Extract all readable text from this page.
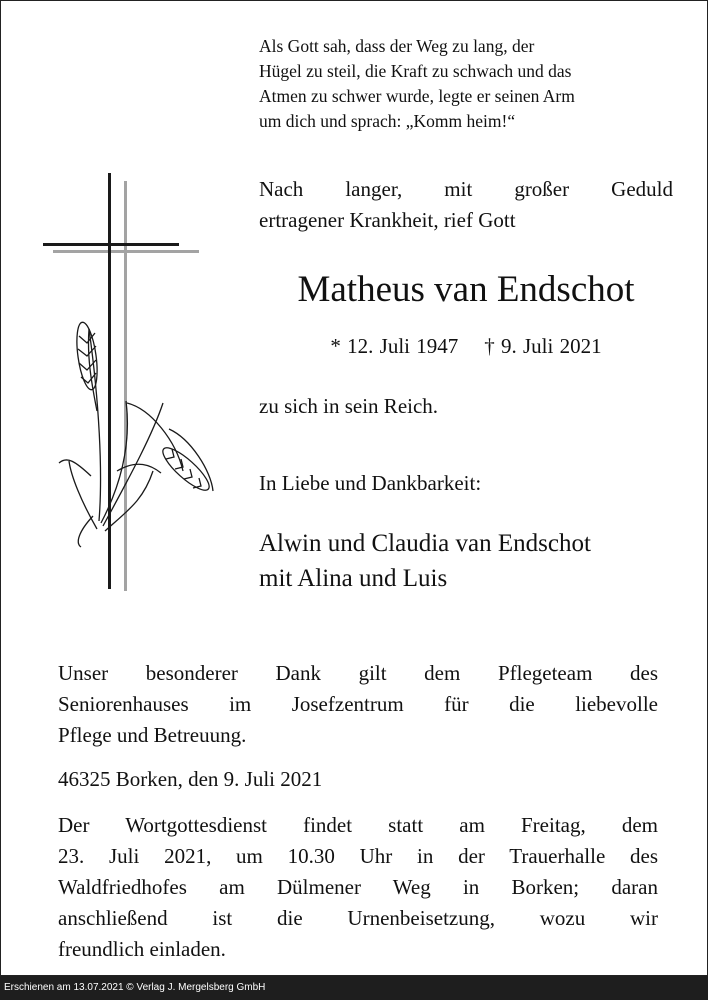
Als Gott sah, dass der Weg zu lang, der
Hügel zu steil, die Kraft zu schwach und das
Atmen zu schwer wurde, legte er seinen Arm
um dich und sprach: „Komm heim!“
Nach langer, mit großer Geduld
ertragener Krankheit, rief Gott
Matheus van Endschot
* 12. Juli 1947 † 9. Juli 2021
zu sich in sein Reich.
In Liebe und Dankbarkeit:
Alwin und Claudia van Endschot
mit Alina und Luis
Unser besonderer Dank gilt dem Pflegeteam des
Seniorenhauses im Josefzentrum für die liebevolle
Pflege und Betreuung.
46325 Borken, den 9. Juli 2021
Der Wortgottesdienst findet statt am Freitag, dem
23. Juli 2021, um 10.30 Uhr in der Trauerhalle des
Waldfriedhofes am Dülmener Weg in Borken; daran
anschließend ist die Urnenbeisetzung, wozu wir
freundlich einladen.
Erschienen am 13.07.2021 © Verlag J. Mergelsberg GmbH
